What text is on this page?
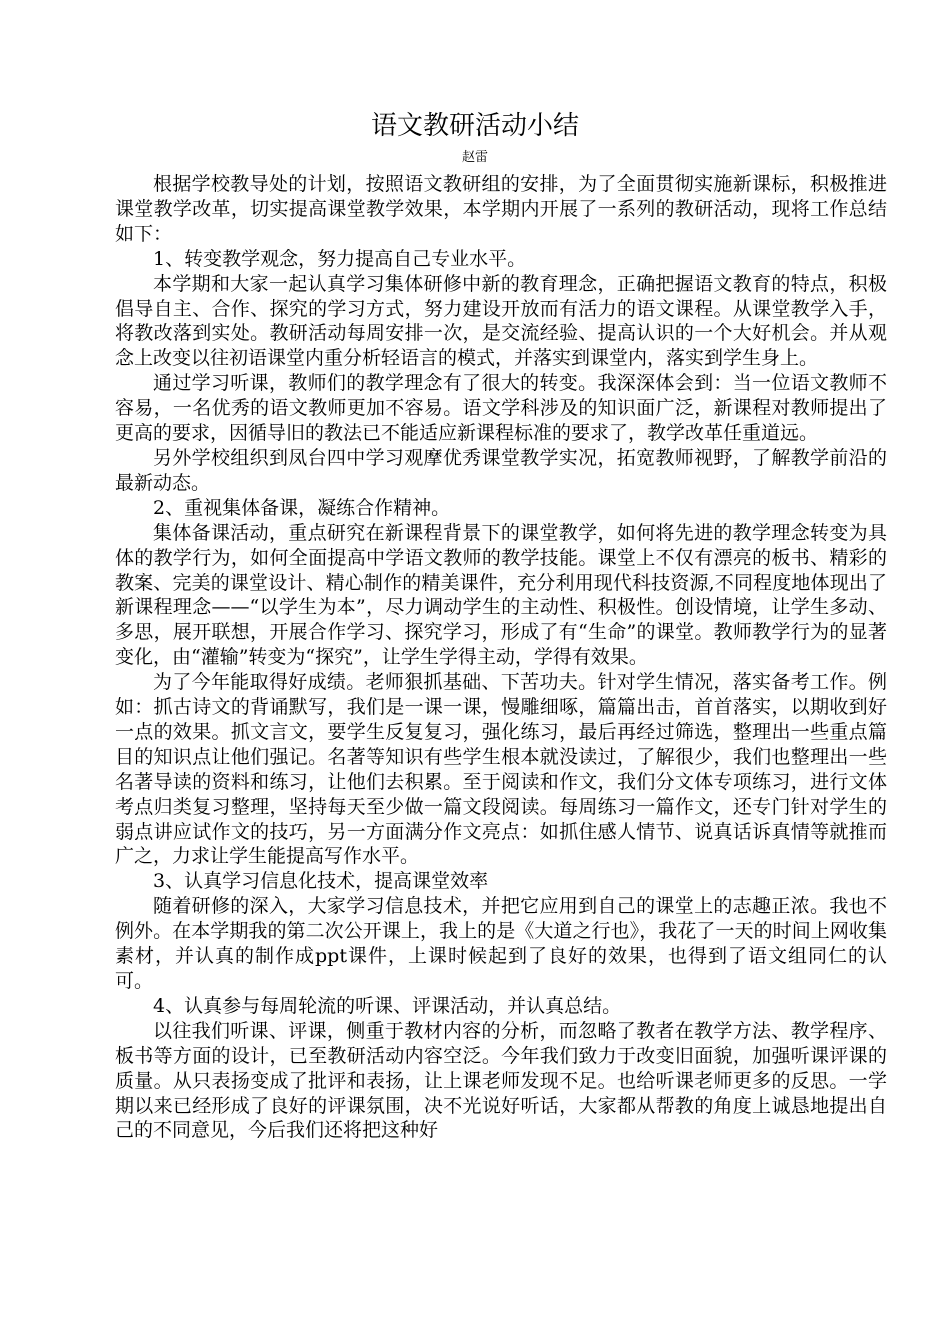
语文教研活动小结
赵雷

根据学校教导处的计划，按照语文教研组的安排，为了全面贯彻实施新课标，积极推进课堂教学改革，切实提高课堂教学效果，本学期内开展了一系列的教研活动，现将工作总结如下：

1、转变教学观念，努力提高自己专业水平。

本学期和大家一起认真学习集体研修中新的教育理念，正确把握语文教育的特点，积极倡导自主、合作、探究的学习方式，努力建设开放而有活力的语文课程。从课堂教学入手，将教改落到实处。教研活动每周安排一次，是交流经验、提高认识的一个大好机会。并从观念上改变以往初语课堂内重分析轻语言的模式，并落实到课堂内，落实到学生身上。

通过学习听课，教师们的教学理念有了很大的转变。我深深体会到：当一位语文教师不容易，一名优秀的语文教师更加不容易。语文学科涉及的知识面广泛，新课程对教师提出了更高的要求，因循导旧的教法已不能适应新课程标准的要求了，教学改革任重道远。

另外学校组织到凤台四中学习观摩优秀课堂教学实况，拓宽教师视野，了解教学前沿的最新动态。

2、重视集体备课，凝练合作精神。

集体备课活动，重点研究在新课程背景下的课堂教学，如何将先进的教学理念转变为具体的教学行为，如何全面提高中学语文教师的教学技能。课堂上不仅有漂亮的板书、精彩的教案、完美的课堂设计、精心制作的精美课件，充分利用现代科技资源,不同程度地体现出了新课程理念——“以学生为本”，尽力调动学生的主动性、积极性。创设情境，让学生多动、多思，展开联想，开展合作学习、探究学习，形成了有“生命”的课堂。教师教学行为的显著变化，由“灌输”转变为“探究”，让学生学得主动，学得有效果。

为了今年能取得好成绩。老师狠抓基础、下苦功夫。针对学生情况，落实备考工作。例如：抓古诗文的背诵默写，我们是一课一课，慢雕细啄，篇篇出击，首首落实，以期收到好一点的效果。抓文言文，要学生反复复习，强化练习，最后再经过筛选，整理出一些重点篇目的知识点让他们强记。名著等知识有些学生根本就没读过，了解很少，我们也整理出一些名著导读的资料和练习，让他们去积累。至于阅读和作文，我们分文体专项练习，进行文体考点归类复习整理，坚持每天至少做一篇文段阅读。每周练习一篇作文，还专门针对学生的弱点讲应试作文的技巧，另一方面满分作文亮点：如抓住感人情节、说真话诉真情等就推而广之，力求让学生能提高写作水平。

3、认真学习信息化技术，提高课堂效率

随着研修的深入，大家学习信息技术，并把它应用到自己的课堂上的志趣正浓。我也不例外。在本学期我的第二次公开课上，我上的是《大道之行也》，我花了一天的时间上网收集素材，并认真的制作成ppt课件，上课时候起到了良好的效果，也得到了语文组同仁的认可。

4、认真参与每周轮流的听课、评课活动，并认真总结。

以往我们听课、评课，侧重于教材内容的分析，而忽略了教者在教学方法、教学程序、板书等方面的设计，已至教研活动内容空泛。今年我们致力于改变旧面貌，加强听课评课的质量。从只表扬变成了批评和表扬，让上课老师发现不足。也给听课老师更多的反思。一学期以来已经形成了良好的评课氛围，决不光说好听话，大家都从帮教的角度上诚恳地提出自己的不同意见，今后我们还将把这种好
